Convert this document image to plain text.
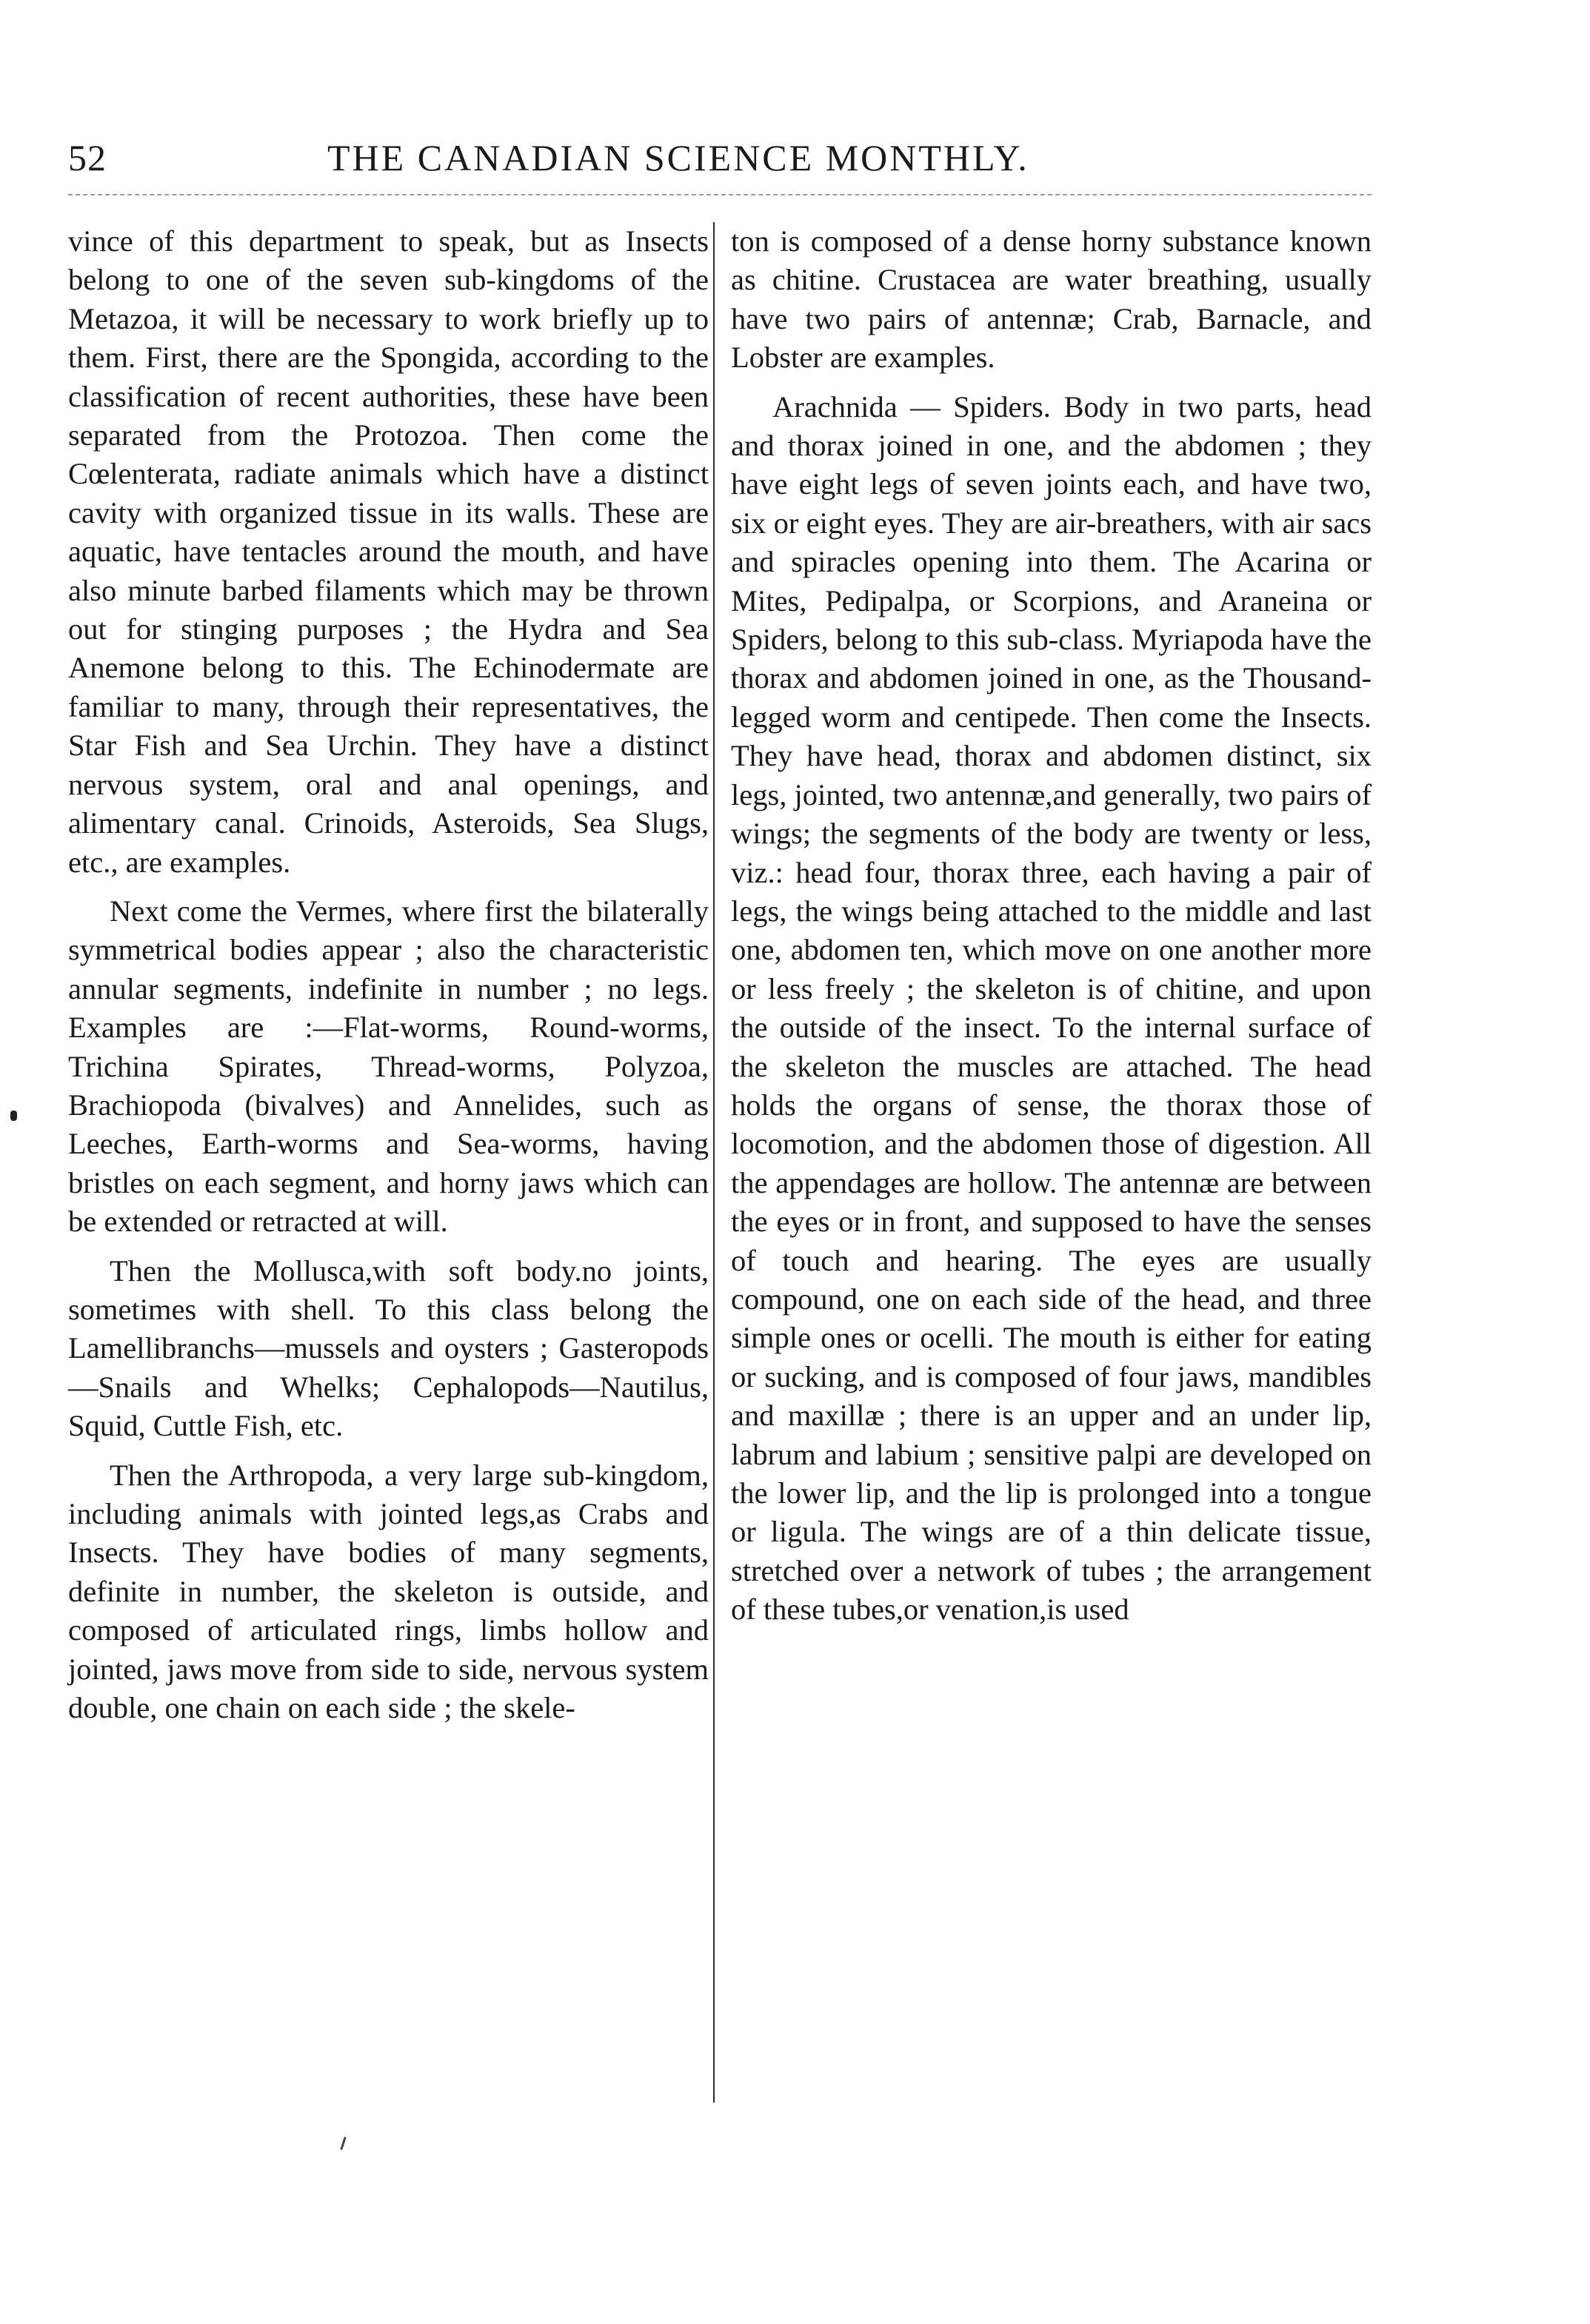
52	THE CANADIAN SCIENCE MONTHLY.

vince of this department to speak, but as Insects belong to one of the seven sub-kingdoms of the Metazoa, it will be necessary to work briefly up to them. First, there are the Spongida, according to the classification of recent authorities, these have been separated from the Protozoa. Then come the Cœlenterata, radiate animals which have a distinct cavity with organized tissue in its walls. These are aquatic, have tentacles around the mouth, and have also minute barbed filaments which may be thrown out for stinging purposes ; the Hydra and Sea Anemone belong to this. The Echinodermate are familiar to many, through their representatives, the Star Fish and Sea Urchin. They have a distinct nervous system, oral and anal openings, and alimentary canal. Crinoids, Asteroids, Sea Slugs, etc., are examples.

Next come the Vermes, where first the bilaterally symmetrical bodies appear ; also the characteristic annular segments, indefinite in number ; no legs. Examples are :—Flat-worms, Round-worms, Trichina Spirates, Thread-worms, Polyzoa, Brachiopoda (bivalves) and Annelides, such as Leeches, Earth-worms and Sea-worms, having bristles on each segment, and horny jaws which can be extended or retracted at will.

Then the Mollusca,with soft body.no joints, sometimes with shell. To this class belong the Lamellibranchs—mussels and oysters ; Gasteropods—Snails and Whelks; Cephalopods—Nautilus, Squid, Cuttle Fish, etc.

Then the Arthropoda, a very large sub-kingdom, including animals with jointed legs,as Crabs and Insects. They have bodies of many segments, definite in number, the skeleton is outside, and composed of articulated rings, limbs hollow and jointed, jaws move from side to side, nervous system double, one chain on each side ; the skele-

ton is composed of a dense horny substance known as chitine. Crustacea are water breathing, usually have two pairs of antennæ; Crab, Barnacle, and Lobster are examples.

Arachnida — Spiders. Body in two parts, head and thorax joined in one, and the abdomen ; they have eight legs of seven joints each, and have two, six or eight eyes. They are air-breathers, with air sacs and spiracles opening into them. The Acarina or Mites, Pedipalpa, or Scorpions, and Araneina or Spiders, belong to this sub-class. Myriapoda have the thorax and abdomen joined in one, as the Thousand-legged worm and centipede. Then come the Insects. They have head, thorax and abdomen distinct, six legs, jointed, two antennæ,and generally, two pairs of wings; the segments of the body are twenty or less, viz.: head four, thorax three, each having a pair of legs, the wings being attached to the middle and last one, abdomen ten, which move on one another more or less freely ; the skeleton is of chitine, and upon the outside of the insect. To the internal surface of the skeleton the muscles are attached. The head holds the organs of sense, the thorax those of locomotion, and the abdomen those of digestion. All the appendages are hollow. The antennæ are between the eyes or in front, and supposed to have the senses of touch and hearing. The eyes are usually compound, one on each side of the head, and three simple ones or ocelli. The mouth is either for eating or sucking, and is composed of four jaws, mandibles and maxillæ ; there is an upper and an under lip, labrum and labium ; sensitive palpi are developed on the lower lip, and the lip is prolonged into a tongue or ligula. The wings are of a thin delicate tissue, stretched over a network of tubes ; the arrangement of these tubes,or venation,is used
